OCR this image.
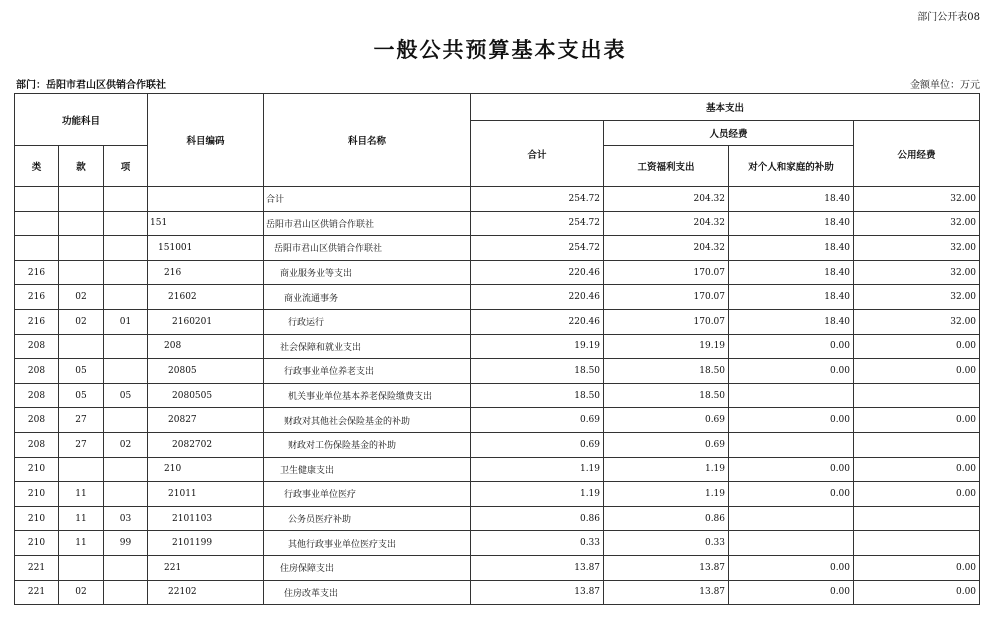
部门公开表08
一般公共预算基本支出表
部门：岳阳市君山区供销合作联社	金额单位：万元
功能科目			科目编码	科目名称	基本支出			
					合计	人员经费		公用经费
类	款	项				工资福利支出	对个人和家庭的补助	
				合计	254.72	204.32	18.40	32.00
			151	岳阳市君山区供销合作联社	254.72	204.32	18.40	32.00
			151001	岳阳市君山区供销合作联社	254.72	204.32	18.40	32.00
216			216	商业服务业等支出	220.46	170.07	18.40	32.00
216	02		21602	商业流通事务	220.46	170.07	18.40	32.00
216	02	01	2160201	行政运行	220.46	170.07	18.40	32.00
208			208	社会保障和就业支出	19.19	19.19	0.00	0.00
208	05		20805	行政事业单位养老支出	18.50	18.50	0.00	0.00
208	05	05	2080505	机关事业单位基本养老保险缴费支出	18.50	18.50		
208	27		20827	财政对其他社会保险基金的补助	0.69	0.69	0.00	0.00
208	27	02	2082702	财政对工伤保险基金的补助	0.69	0.69		
210			210	卫生健康支出	1.19	1.19	0.00	0.00
210	11		21011	行政事业单位医疗	1.19	1.19	0.00	0.00
210	11	03	2101103	公务员医疗补助	0.86	0.86		
210	11	99	2101199	其他行政事业单位医疗支出	0.33	0.33		
221			221	住房保障支出	13.87	13.87	0.00	0.00
221	02		22102	住房改革支出	13.87	13.87	0.00	0.00
